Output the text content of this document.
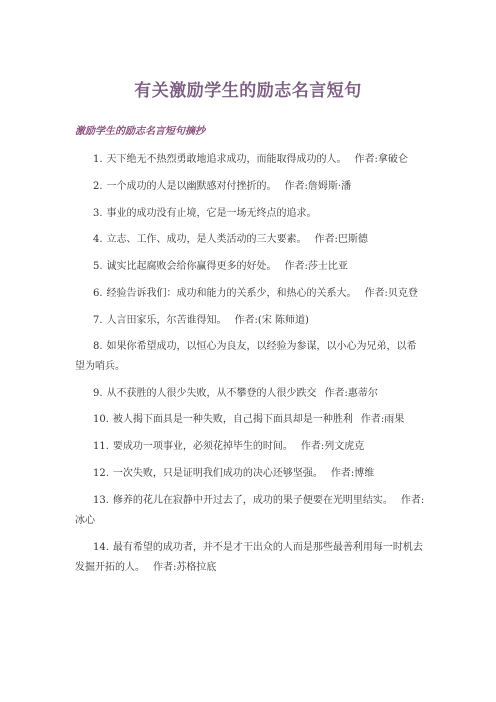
有关激励学生的励志名言短句
激励学生的励志名言短句摘抄
1. 天下绝无不热烈勇敢地追求成功，而能取得成功的人。 作者:拿破仑
2. 一个成功的人是以幽默感对付挫折的。 作者:詹姆斯·潘
3. 事业的成功没有止境，它是一场无终点的追求。
4. 立志、工作、成功，是人类活动的三大要素。 作者:巴斯德
5. 诚实比起腐败会给你赢得更多的好处。 作者:莎士比亚
6. 经验告诉我们：成功和能力的关系少，和热心的关系大。 作者:贝克登
7. 人言田家乐，尔苦谁得知。 作者:(宋 陈师道)
8. 如果你希望成功，以恒心为良友，以经验为参谋，以小心为兄弟，以希望为哨兵。
9. 从不获胜的人很少失败，从不攀登的人很少跌交 作者:惠蒂尔
10. 被人揭下面具是一种失败，自己揭下面具却是一种胜利 作者:雨果
11. 要成功一项事业，必须花掉毕生的时间。 作者:列文虎克
12. 一次失败，只是证明我们成功的决心还够坚强。 作者:博维
13. 修养的花儿在寂静中开过去了，成功的果子便要在光明里结实。 作者:冰心
14. 最有希望的成功者，并不是才干出众的人而是那些最善利用每一时机去发掘开拓的人。 作者:苏格拉底
